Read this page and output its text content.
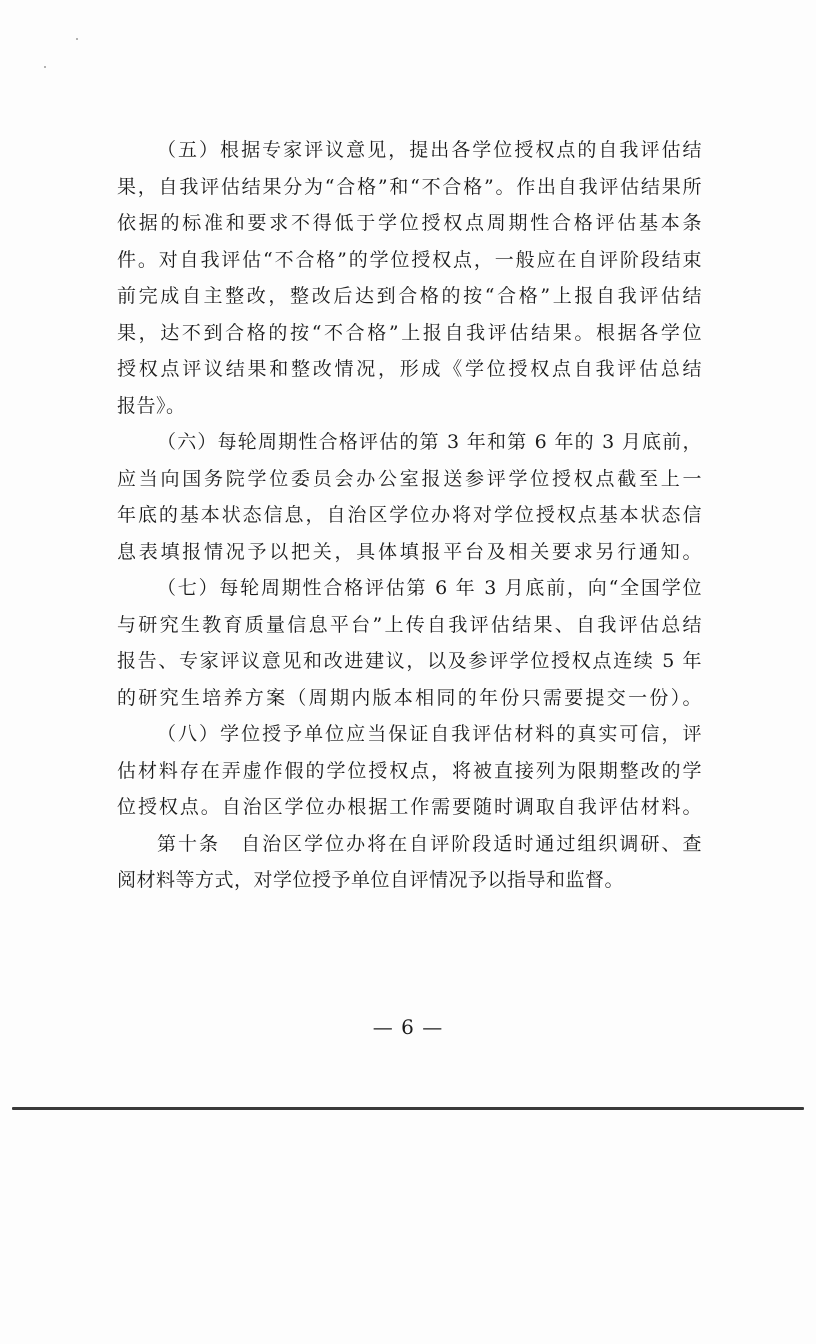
（五）根据专家评议意见，提出各学位授权点的自我评估结
果，自我评估结果分为“合格”和“不合格”。作出自我评估结果所
依据的标准和要求不得低于学位授权点周期性合格评估基本条
件。对自我评估“不合格”的学位授权点，一般应在自评阶段结束
前完成自主整改，整改后达到合格的按“合格”上报自我评估结
果，达不到合格的按“不合格”上报自我评估结果。根据各学位
授权点评议结果和整改情况，形成《学位授权点自我评估总结
报告》。
（六）每轮周期性合格评估的第 3 年和第 6 年的 3 月底前，
应当向国务院学位委员会办公室报送参评学位授权点截至上一
年底的基本状态信息，自治区学位办将对学位授权点基本状态信
息表填报情况予以把关，具体填报平台及相关要求另行通知。
（七）每轮周期性合格评估第 6 年 3 月底前，向“全国学位
与研究生教育质量信息平台”上传自我评估结果、自我评估总结
报告、专家评议意见和改进建议，以及参评学位授权点连续 5 年
的研究生培养方案（周期内版本相同的年份只需要提交一份）。
（八）学位授予单位应当保证自我评估材料的真实可信，评
估材料存在弄虚作假的学位授权点，将被直接列为限期整改的学
位授权点。自治区学位办根据工作需要随时调取自我评估材料。
第十条　自治区学位办将在自评阶段适时通过组织调研、查
阅材料等方式，对学位授予单位自评情况予以指导和监督。
— 6 —
